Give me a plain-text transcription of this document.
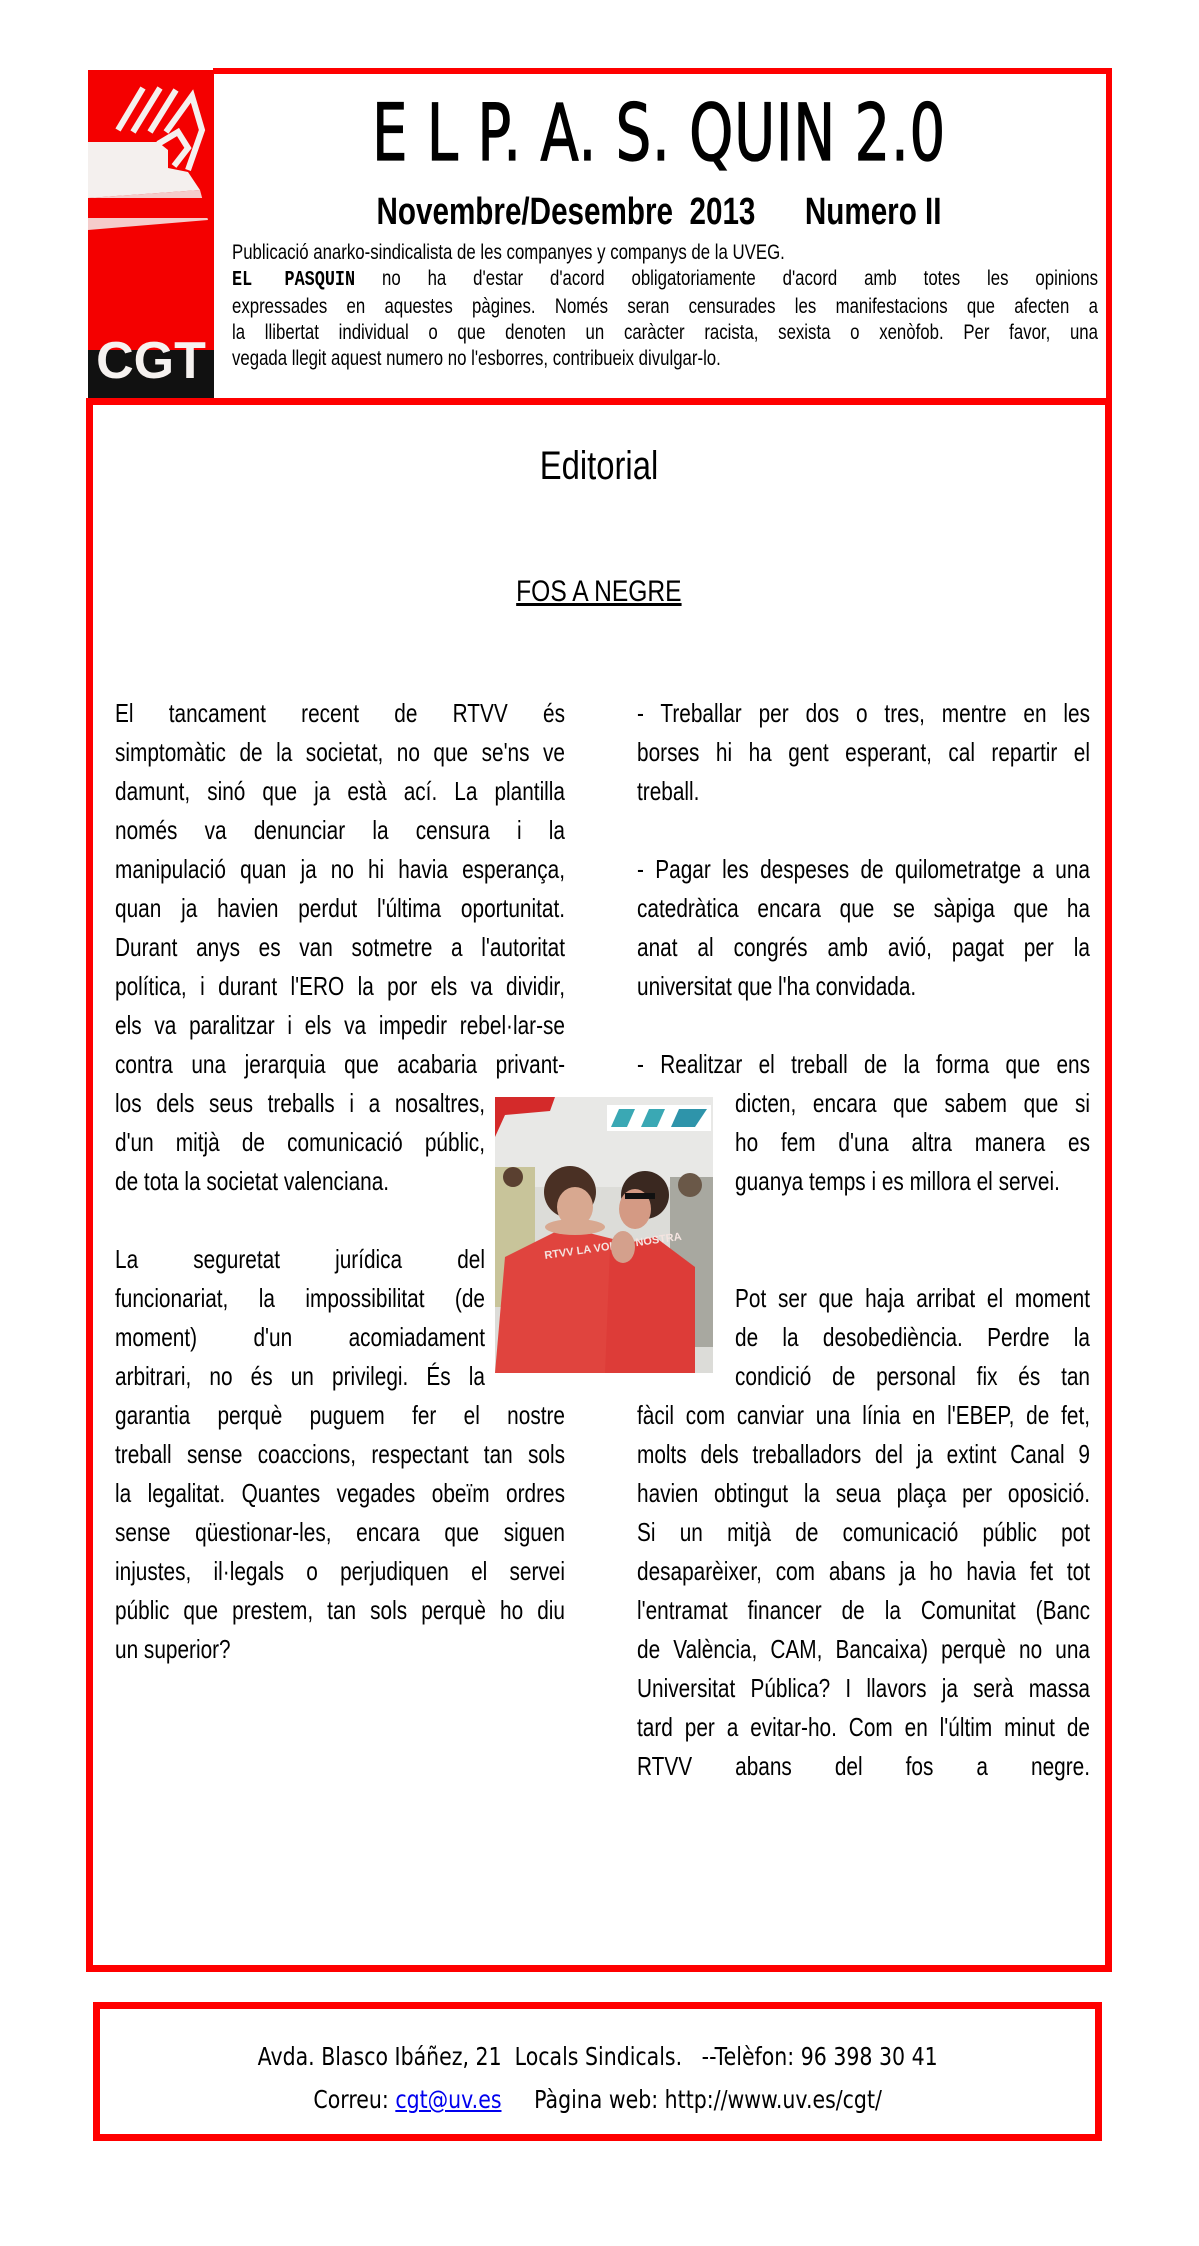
CGT
E L P. A. S. QUIN 2.0
Novembre/Desembre  2013 Numero II
Publicació anarko-sindicalista de les companyes y companys de la UVEG.
EL PASQUIN no ha d'estar d'acord obligatoriamente d'acord amb totes les opinions
expressades en aquestes pàgines. Només seran censurades les manifestacions que afecten a
la llibertat individual o que denoten un caràcter racista, sexista o xenòfob. Per favor, una
vegada llegit aquest numero no l'esborres, contribueix divulgar-lo.
Editorial
FOS A NEGRE
El tancament recent de RTVV és
simptomàtic de la societat, no que se'ns ve
damunt, sinó que ja està ací. La plantilla
només va denunciar la censura i la
manipulació quan ja no hi havia esperança,
quan ja havien perdut l'última oportunitat.
Durant anys es van sotmetre a l'autoritat
política, i durant l'ERO la por els va dividir,
els va paralitzar i els va impedir rebel·lar-se
contra una jerarquia que acabaria privant-
los dels seus treballs i a nosaltres,
d'un mitjà de comunicació públic,
de tota la societat valenciana.
La seguretat jurídica del
funcionariat, la impossibilitat (de
moment) d'un acomiadament
arbitrari, no és un privilegi. És la
garantia perquè puguem fer el nostre
treball sense coaccions, respectant tan sols
la legalitat. Quantes vegades obeïm ordres
sense qüestionar-les, encara que siguen
injustes, il·legals o perjudiquen el servei
públic que prestem, tan sols perquè ho diu
un superior?
- Treballar per dos o tres, mentre en les
borses hi ha gent esperant, cal repartir el
treball.
- Pagar les despeses de quilometratge a una
catedràtica encara que se sàpiga que ha
anat al congrés amb avió, pagat per la
universitat que l'ha convidada.
- Realitzar el treball de la forma que ens
dicten, encara que sabem que si
ho fem d'una altra manera es
guanya temps i es millora el servei.
Pot ser que haja arribat el moment
de la desobediència. Perdre la
condició de personal fix és tan
fàcil com canviar una línia en l'EBEP, de fet,
molts dels treballadors del ja extint Canal 9
havien obtingut la seua plaça per oposició.
Si un mitjà de comunicació públic pot
desaparèixer, com abans ja ho havia fet tot
l'entramat financer de la Comunitat (Banc
de València, CAM, Bancaixa) perquè no una
Universitat Pública? I llavors ja serà massa
tard per a evitar-ho. Com en l'últim minut de
RTVV abans del fos a negre.
RTVV LA NOSTRA
Avda. Blasco Ibáñez, 21  Locals Sindicals.   --Telèfon: 96 398 30 41
Correu: cgt@uv.es     Pàgina web: http://www.uv.es/cgt/
